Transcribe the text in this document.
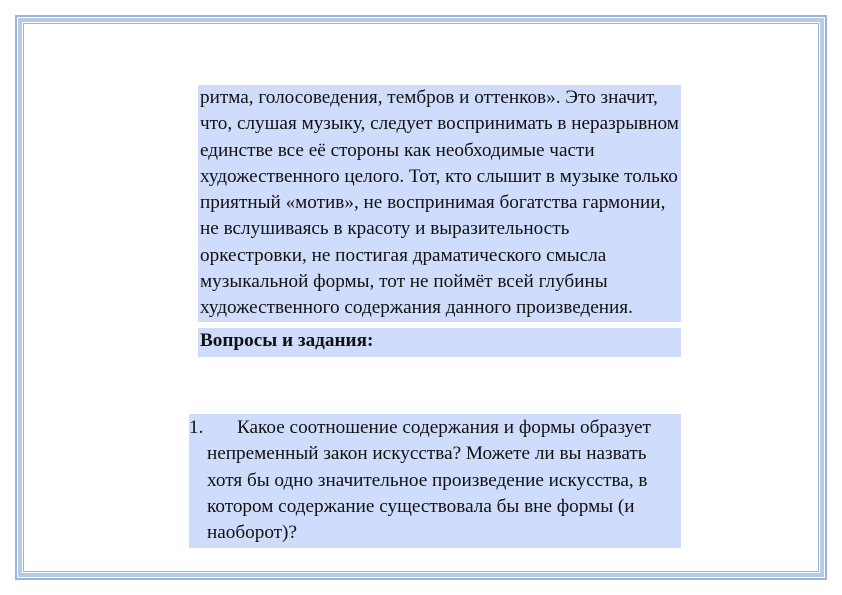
ритма, голосоведения, тембров и оттенков». Это значит, что, слушая музыку, следует воспринимать в неразрывном единстве все её стороны как необходимые части художественного целого. Тот, кто слышит в музыке только приятный «мотив», не воспринимая богатства гармонии, не вслушиваясь в красоту и выразительность оркестровки, не постигая драматического смысла музыкальной формы, тот не поймёт всей глубины художественного содержания данного произведения.

Вопросы и задания:
1. Какое соотношение содержания и формы образует непременный закон искусства? Можете ли вы назвать хотя бы одно значительное произведение искусства, в котором содержание существовала бы вне формы (и наоборот)?
